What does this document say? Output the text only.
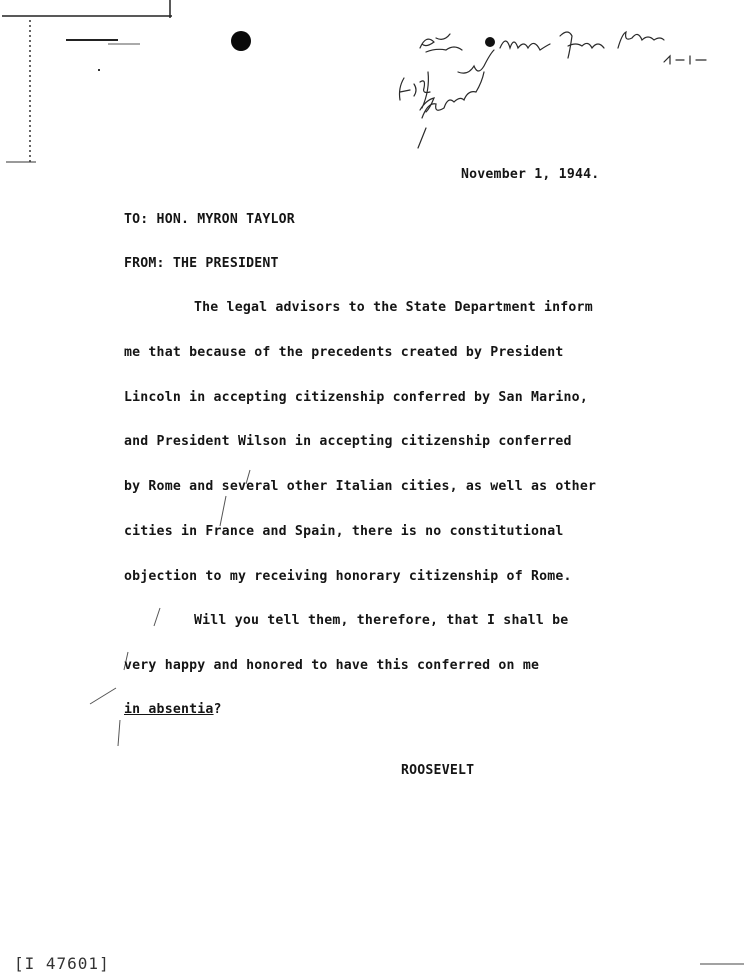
November 1, 1944.
TO: HON. MYRON TAYLOR
FROM: THE PRESIDENT
The legal advisors to the State Department inform
me that because of the precedents created by President
Lincoln in accepting citizenship conferred by San Marino,
and President Wilson in accepting citizenship conferred
by Rome and several other Italian cities, as well as other
cities in France and Spain, there is no constitutional
objection to my receiving honorary citizenship of Rome.
Will you tell them, therefore, that I shall be
very happy and honored to have this conferred on me
in absentia?
ROOSEVELT
[I 47601]
